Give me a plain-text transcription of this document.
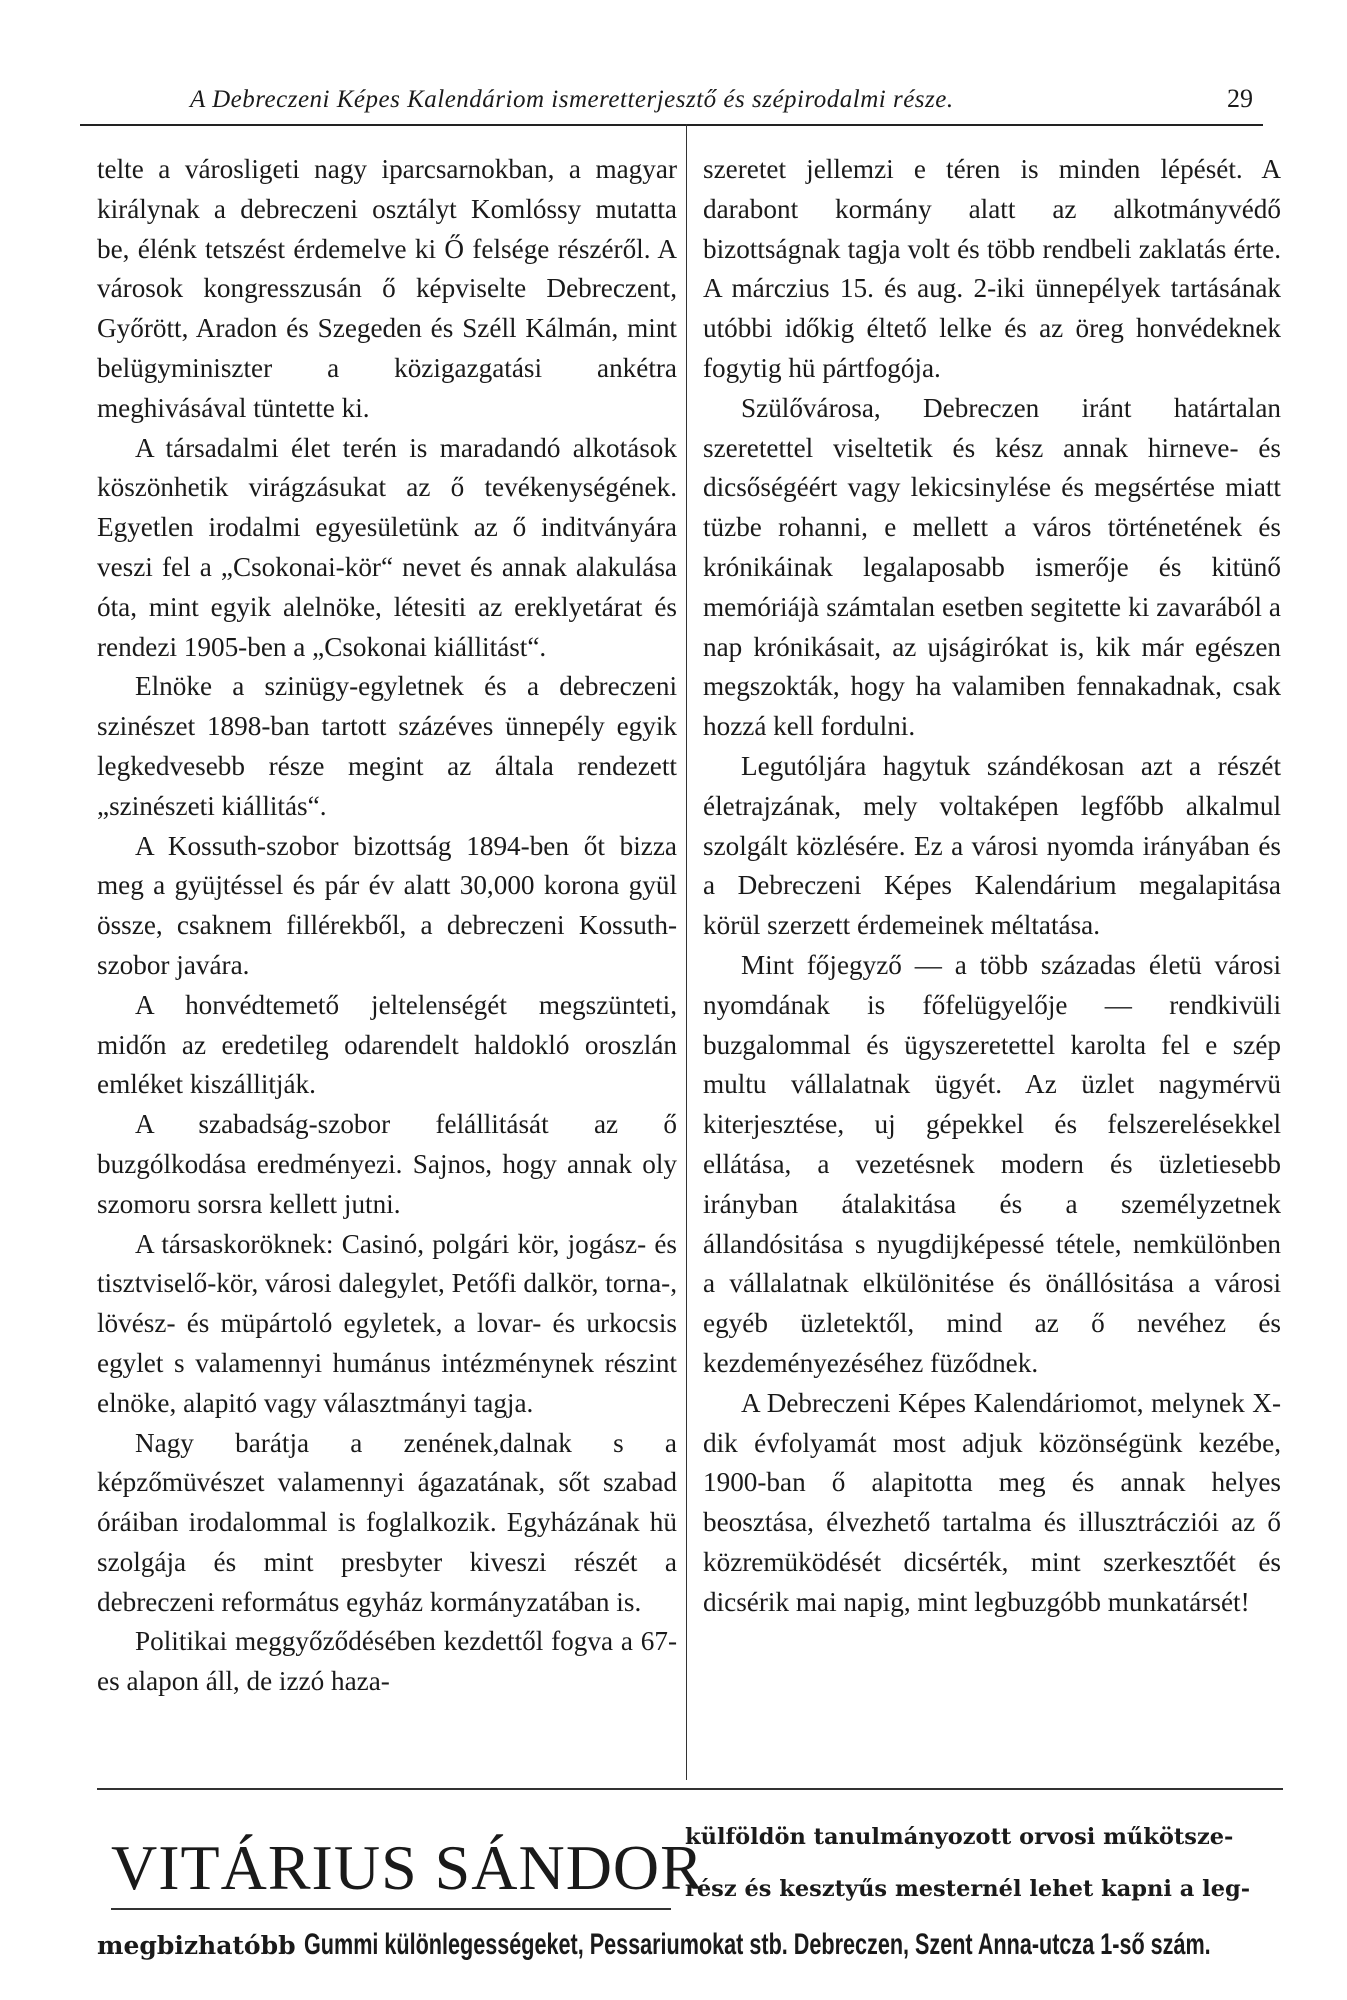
A Debreczeni Képes Kalendáriom ismeretterjesztő és szépirodalmi része.	29

telte a városligeti nagy iparcsarnokban, a magyar királynak a debreczeni osztályt Komlóssy mutatta be, élénk tetszést érdemelve ki Ő felsége részéről. A városok kongresszusán ő képviselte Debreczent, Győrött, Aradon és Szegeden és Széll Kálmán, mint belügyminiszter a közigazgatási ankétra meghivásával tüntette ki.

A társadalmi élet terén is maradandó alkotások köszönhetik virágzásukat az ő tevékenységének. Egyetlen irodalmi egyesületünk az ő inditványára veszi fel a „Csokonai-kör“ nevet és annak alakulása óta, mint egyik alelnöke, létesiti az ereklyetárat és rendezi 1905-ben a „Csokonai kiállitást“.

Elnöke a szinügy-egyletnek és a debreczeni szinészet 1898-ban tartott százéves ünnepély egyik legkedvesebb része megint az általa rendezett „szinészeti kiállitás“.

A Kossuth-szobor bizottság 1894-ben őt bizza meg a gyüjtéssel és pár év alatt 30,000 korona gyül össze, csaknem fillérekből, a debreczeni Kossuth-szobor javára.

A honvédtemető jeltelenségét megszünteti, midőn az eredetileg odarendelt haldokló oroszlán emléket kiszállitják.

A szabadság-szobor felállitását az ő buzgólkodása eredményezi. Sajnos, hogy annak oly szomoru sorsra kellett jutni.

A társaskoröknek: Casinó, polgári kör, jogász- és tisztviselő-kör, városi dalegylet, Petőfi dalkör, torna-, lövész- és müpártoló egyletek, a lovar- és urkocsis egylet s valamennyi humánus intézménynek részint elnöke, alapitó vagy választmányi tagja.

Nagy barátja a zenének,dalnak s a képzőmüvészet valamennyi ágazatának, sőt szabad óráiban irodalommal is foglalkozik. Egyházának hü szolgája és mint presbyter kiveszi részét a debreczeni református egyház kormányzatában is.

Politikai meggyőződésében kezdettől fogva a 67-es alapon áll, de izzó haza-

szeretet jellemzi e téren is minden lépését. A darabont kormány alatt az alkotmányvédő bizottságnak tagja volt és több rendbeli zaklatás érte. A márczius 15. és aug. 2-iki ünnepélyek tartásának utóbbi időkig éltető lelke és az öreg honvédeknek fogytig hü pártfogója.

Szülővárosa, Debreczen iránt határtalan szeretettel viseltetik és kész annak hirneve- és dicsőségéért vagy lekicsinylése és megsértése miatt tüzbe rohanni, e mellett a város történetének és krónikáinak legalaposabb ismerője és kitünő memóriájà számtalan esetben segitette ki zavarából a nap krónikásait, az ujságirókat is, kik már egészen megszokták, hogy ha valamiben fennakadnak, csak hozzá kell fordulni.

Legutóljára hagytuk szándékosan azt a részét életrajzának, mely voltaképen legfőbb alkalmul szolgált közlésére. Ez a városi nyomda irányában és a Debreczeni Képes Kalendárium megalapitása körül szerzett érdemeinek méltatása.

Mint főjegyző — a több századas életü városi nyomdának is főfelügyelője — rendkivüli buzgalommal és ügyszeretettel karolta fel e szép multu vállalatnak ügyét. Az üzlet nagymérvü kiterjesztése, uj gépekkel és felszerelésekkel ellátása, a vezetésnek modern és üzletiesebb irányban átalakitása és a személyzetnek állandósitása s nyugdijképessé tétele, nemkülönben a vállalatnak elkülönitése és önállósitása a városi egyéb üzletektől, mind az ő nevéhez és kezdeményezéséhez füződnek.

A Debreczeni Képes Kalendáriomot, melynek X-dik évfolyamát most adjuk közönségünk kezébe, 1900-ban ő alapitotta meg és annak helyes beosztása, élvezhető tartalma és illusztrácziói az ő közremüködését dicsérték, mint szerkesztőét és dicsérik mai napig, mint legbuzgóbb munkatársét!

VITÁRIUS SÁNDOR
külföldön tanulmányozott orvosi műkötsze-
rész és kesztyűs mesternél lehet kapni a leg-
megbizhatóbb Gummi különlegességeket, Pessariumokat stb. Debreczen, Szent Anna-utcza 1-ső szám.
